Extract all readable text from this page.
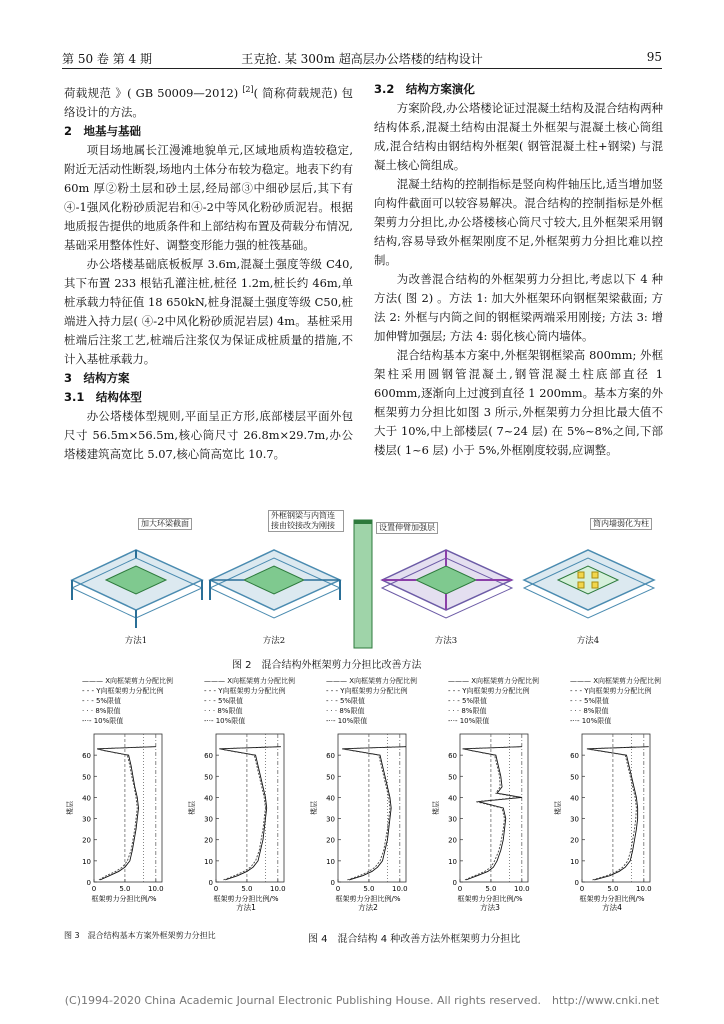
第 50 卷 第 4 期	王克抢. 某 300m 超高层办公塔楼的结构设计	95

荷载规范 》( GB 50009—2012) [2]( 简称荷载规范) 包络设计的方法。

2　地基与基础

项目场地属长江漫滩地貌单元,区域地质构造较稳定,附近无活动性断裂,场地内土体分布较为稳定。地表下约有 60m 厚②粉土层和砂土层,经局部③中细砂层后,其下有④-1强风化粉砂质泥岩和④-2中等风化粉砂质泥岩。根据地质报告提供的地质条件和上部结构布置及荷载分布情况,基础采用整体性好、调整变形能力强的桩筏基础。

办公塔楼基础底板板厚 3.6m,混凝土强度等级 C40,其下布置 233 根钻孔灌注桩,桩径 1.2m,桩长约 46m,单桩承载力特征值 18 650kN,桩身混凝土强度等级 C50,桩端进入持力层( ④-2中风化粉砂质泥岩层) 4m。基桩采用桩端后注浆工艺,桩端后注浆仅为保证成桩质量的措施,不计入基桩承载力。

3　结构方案
3.1　结构体型

办公塔楼体型规则,平面呈正方形,底部楼层平面外包尺寸 56.5m×56.5m,核心筒尺寸 26.8m×29.7m,办公塔楼建筑高宽比 5.07,核心筒高宽比 10.7。

3.2　结构方案演化

方案阶段,办公塔楼论证过混凝土结构及混合结构两种结构体系,混凝土结构由混凝土外框架与混凝土核心筒组成,混合结构由钢结构外框架( 钢管混凝土柱+钢梁) 与混凝土核心筒组成。

混凝土结构的控制指标是竖向构件轴压比,适当增加竖向构件截面可以较容易解决。混合结构的控制指标是外框架剪力分担比,办公塔楼核心筒尺寸较大,且外框架采用钢结构,容易导致外框架刚度不足,外框架剪力分担比难以控制。

为改善混合结构的外框架剪力分担比,考虑以下 4 种方法( 图 2) 。方法 1: 加大外框架环向钢框架梁截面; 方法 2: 外框与内筒之间的钢框梁两端采用刚接; 方法 3: 增加伸臂加强层; 方法 4: 弱化核心筒内墙体。

混合结构基本方案中,外框架钢框梁高 800mm; 外框架柱采用圆钢管混凝土,钢管混凝土柱底部直径 1 600mm,逐渐向上过渡到直径 1 200mm。基本方案的外框架剪力分担比如图 3 所示,外框架剪力分担比最大值不大于 10%,中上部楼层( 7~24 层) 在 5%~8%之间,下部楼层( 1~6 层) 小于 5%,外框刚度较弱,应调整。

加大环梁截面
方法1
外框钢梁与内筒连接由铰接改为刚接
方法2
设置伸臂加强层
方法3
筒内墙弱化为柱
方法4
图 2　混合结构外框架剪力分担比改善方法
——— X向框架剪力分配比例
- - - Y向框架剪力分配比例
- · - 5%限值
· · · 8%限值
-··- 10%限值
0
10
20
30
40
50
60
0	5.0	10.0
框架剪力分担比例/%
楼层
——— X向框架剪力分配比例
- - - Y向框架剪力分配比例
- · - 5%限值
· · · 8%限值
-··- 10%限值
0
10
20
30
40
50
60
0	5.0	10.0
框架剪力分担比例/%
楼层
方法1
——— X向框架剪力分配比例
- - - Y向框架剪力分配比例
- · - 5%限值
· · · 8%限值
-··- 10%限值
0
10
20
30
40
50
60
0	5.0	10.0
框架剪力分担比例/%
楼层
方法2
——— X向框架剪力分配比例
- - - Y向框架剪力分配比例
- · - 5%限值
· · · 8%限值
-··- 10%限值
0
10
20
30
40
50
60
0	5.0	10.0
框架剪力分担比例/%
楼层
方法3
——— X向框架剪力分配比例
- - - Y向框架剪力分配比例
- · - 5%限值
· · · 8%限值
-··- 10%限值
0
10
20
30
40
50
60
0	5.0	10.0
框架剪力分担比例/%
楼层
方法4
图 3　混合结构基本方案外框架剪力分担比	图 4　混合结构 4 种改善方法外框架剪力分担比
(C)1994-2020 China Academic Journal Electronic Publishing House. All rights reserved.　http://www.cnki.net
